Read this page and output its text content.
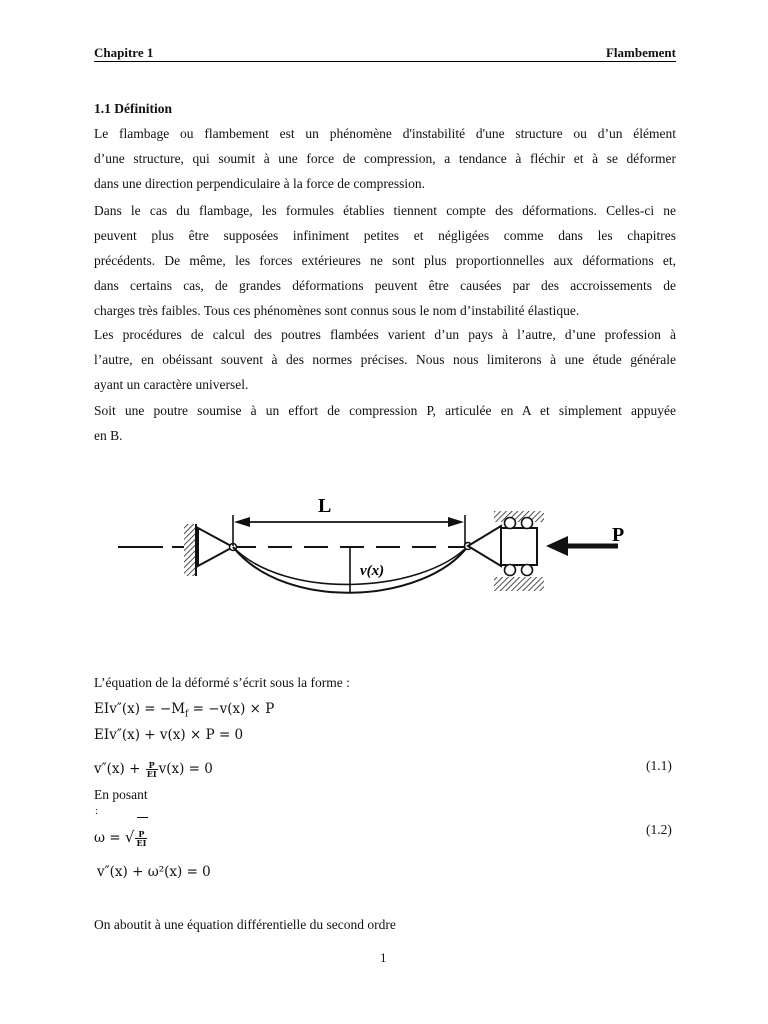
Chapitre 1	Flambement
1.1 Définition
Le flambage ou flambement est un phénomène d'instabilité d'une structure ou d’un élément
d’une structure, qui soumit à une force de compression, a tendance à fléchir et à se déformer
dans une direction perpendiculaire à la force de compression.
Dans le cas du flambage, les formules établies tiennent compte des déformations. Celles-ci ne
peuvent plus être supposées infiniment petites et négligées comme dans les chapitres
précédents. De même, les forces extérieures ne sont plus proportionnelles aux déformations et,
dans certains cas, de grandes déformations peuvent être causées par des accroissements de
charges très faibles. Tous ces phénomènes sont connus sous le nom d’instabilité élastique.
Les procédures de calcul des poutres flambées varient d’un pays à l’autre, d’une profession à
l’autre, en obéissant souvent à des normes précises. Nous nous limiterons à une étude générale
ayant un caractère universel.
Soit une poutre soumise à un effort de compression P, articulée en A et simplement appuyée
en B.
v(x)
L
P
L’équation de la déformé s’écrit sous la forme :
$EIv''(x) = -M_f = -v(x) \times P$
EIv″(x) + v(x) × P = 0
$v''(x) + \frac{P}{EI} v(x) = 0$	(1.1)
En posant
:
ω = √ $\frac{P}{EI}$
(1.2)
v″(x) + ω²(x) = 0
On aboutit à une équation différentielle du second ordre
1
